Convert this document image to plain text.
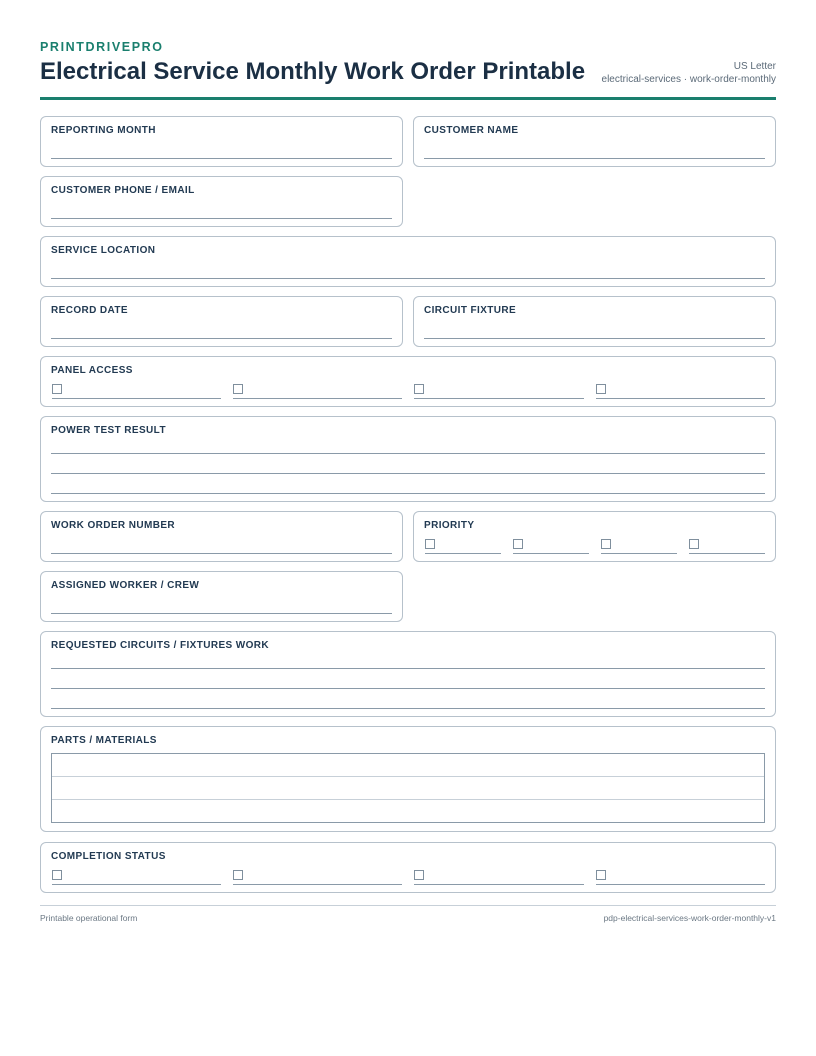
PRINTDRIVEPRO
Electrical Service Monthly Work Order Printable	US Letter
electrical-services · work-order-monthly
REPORTING MONTH	CUSTOMER NAME
CUSTOMER PHONE / EMAIL
SERVICE LOCATION
RECORD DATE	CIRCUIT FIXTURE
PANEL ACCESS
POWER TEST RESULT
WORK ORDER NUMBER	PRIORITY
ASSIGNED WORKER / CREW
REQUESTED CIRCUITS / FIXTURES WORK
PARTS / MATERIALS
COMPLETION STATUS
Printable operational form	pdp-electrical-services-work-order-monthly-v1
